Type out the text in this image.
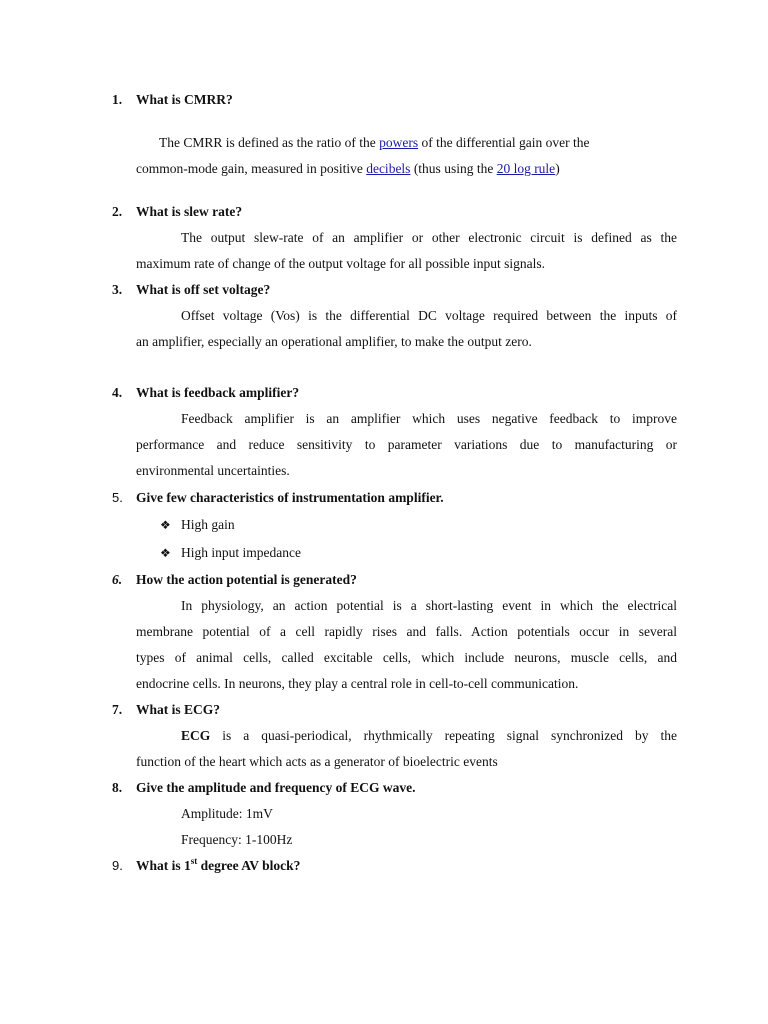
1. What is CMRR?
The CMRR is defined as the ratio of the powers of the differential gain over the
common-mode gain, measured in positive decibels (thus using the 20 log rule)
2. What is slew rate?
The output slew-rate of an amplifier or other electronic circuit is defined as the
maximum rate of change of the output voltage for all possible input signals.
3. What is off set voltage?
Offset voltage (Vos) is the differential DC voltage required between the inputs of
an amplifier, especially an operational amplifier, to make the output zero.
4. What is feedback amplifier?
Feedback amplifier is an amplifier which uses negative feedback to improve
performance and reduce sensitivity to parameter variations due to manufacturing or
environmental uncertainties.
5. Give few characteristics of instrumentation amplifier.
❖ High gain
❖ High input impedance
6. How the action potential is generated?
In physiology, an action potential is a short-lasting event in which the electrical
membrane potential of a cell rapidly rises and falls. Action potentials occur in several
types of animal cells, called excitable cells, which include neurons, muscle cells, and
endocrine cells. In neurons, they play a central role in cell-to-cell communication.
7. What is ECG?
ECG is a quasi-periodical, rhythmically repeating signal synchronized by the
function of the heart which acts as a generator of bioelectric events
8. Give the amplitude and frequency of ECG wave.
Amplitude: 1mV
Frequency: 1-100Hz
9. What is 1st degree AV block?
